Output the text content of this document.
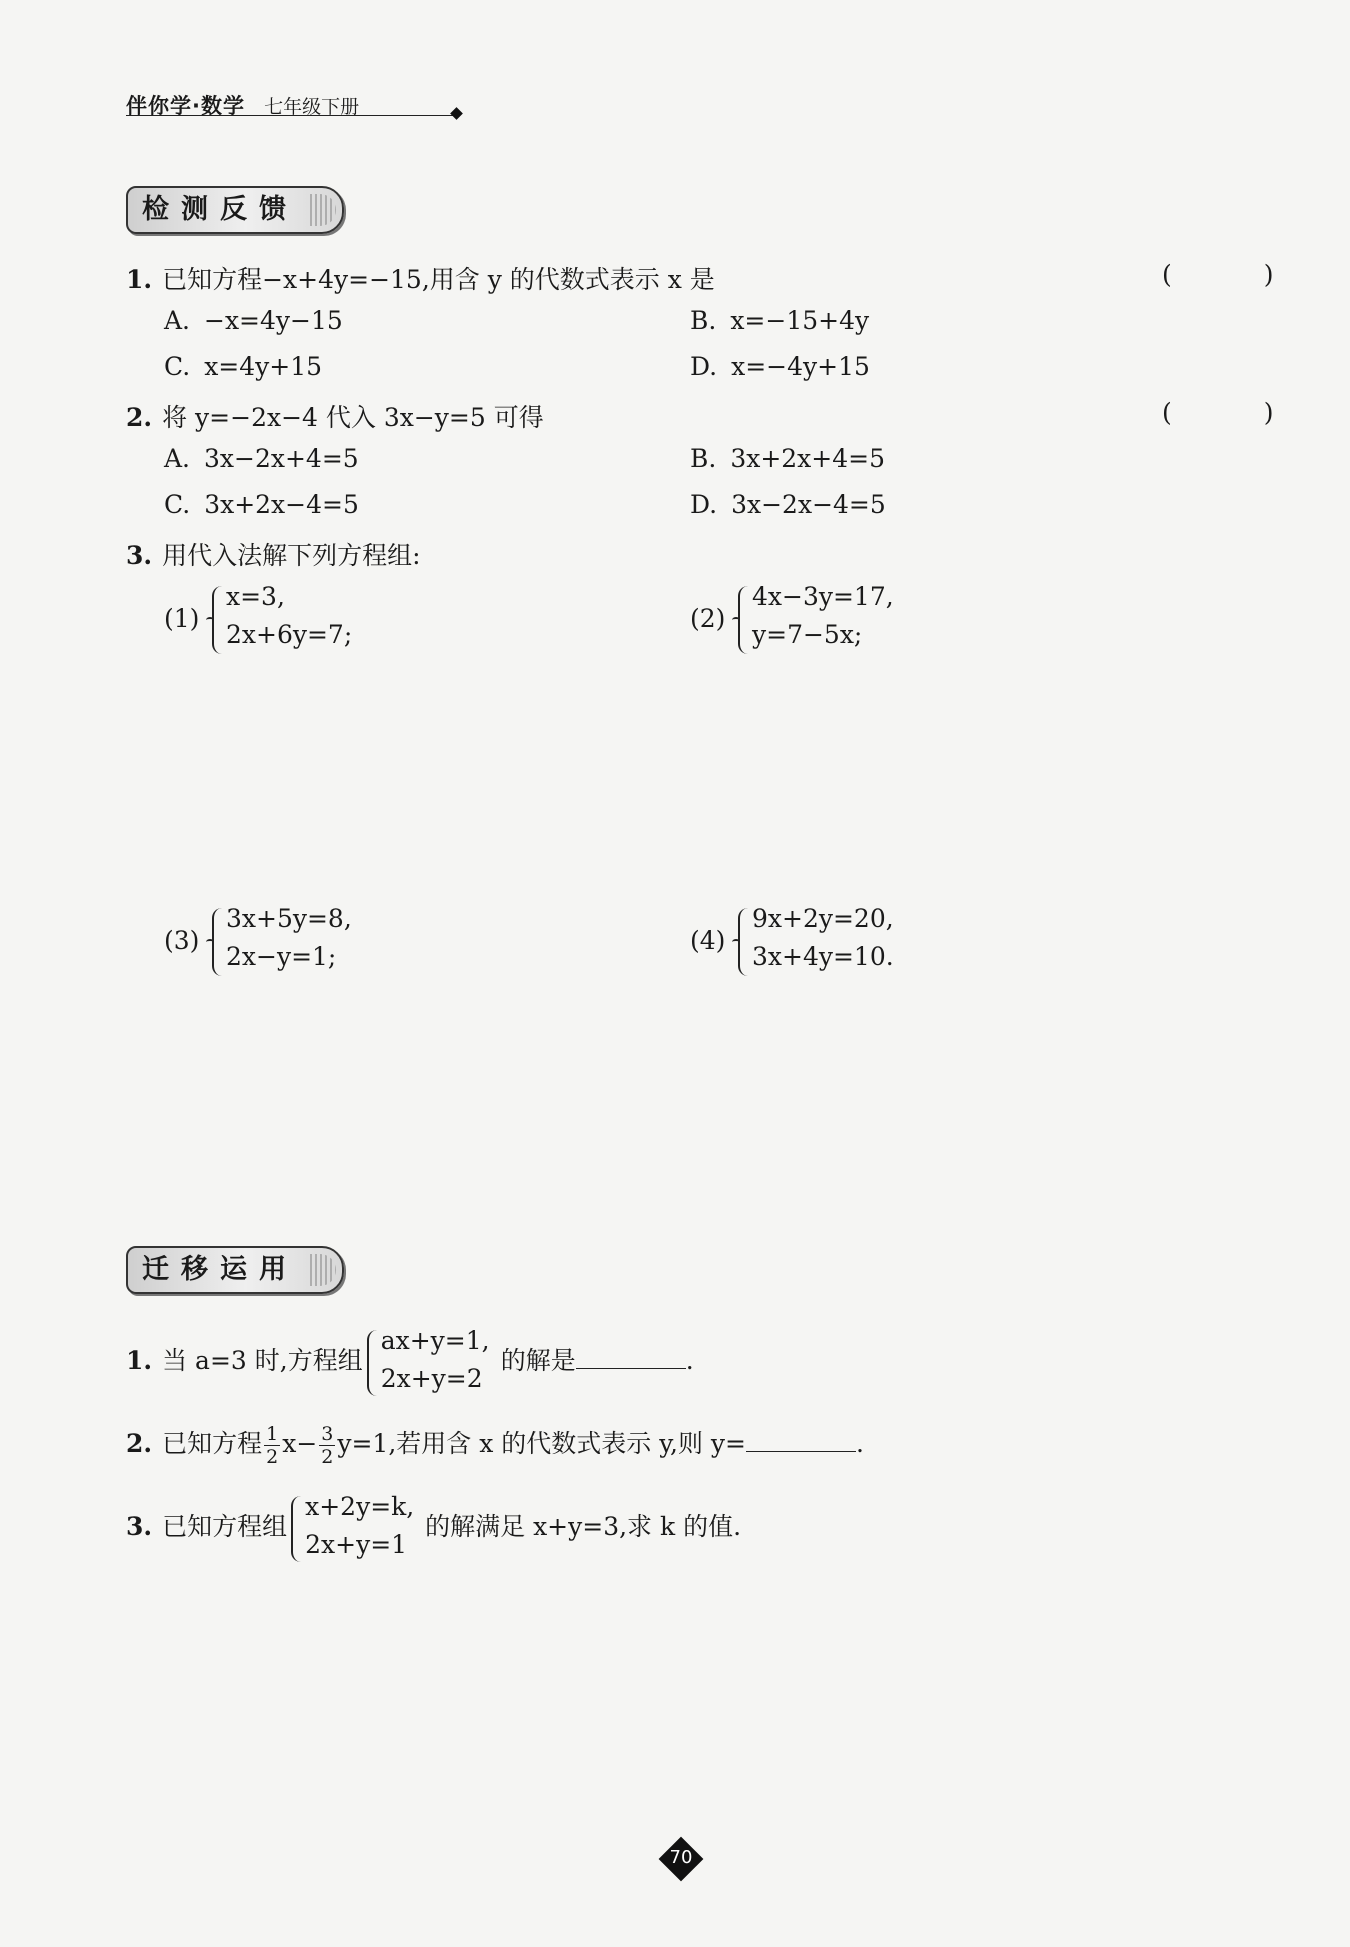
伴你学·数学 七年级下册
检测反馈
1. 已知方程−x+4y=−15,用含 y 的代数式表示 x 是	( )
A. −x=4y−15	B. x=−15+4y
C. x=4y+15	D. x=−4y+15
2. 将 y=−2x−4 代入 3x−y=5 可得	( )
A. 3x−2x+4=5	B. 3x+2x+4=5
C. 3x+2x−4=5	D. 3x−2x−4=5
3. 用代入法解下列方程组:
(1)
x=3,
2x+6y=7;
(2)
4x−3y=17,
y=7−5x;
(3)
3x+5y=8,
2x−y=1;
(4)
9x+2y=20,
3x+4y=10.
迁移运用
1. 当 a=3 时,方程组
ax+y=1,
2x+y=2
的解是	.
2. 已知方程 $\frac{1}{2} x- \frac{3}{2} y=1$,若用含 x 的代数式表示 y,则 y=	.
3. 已知方程组
x+2y=k,
2x+y=1
的解满足 x+y=3,求 k 的值.
70
